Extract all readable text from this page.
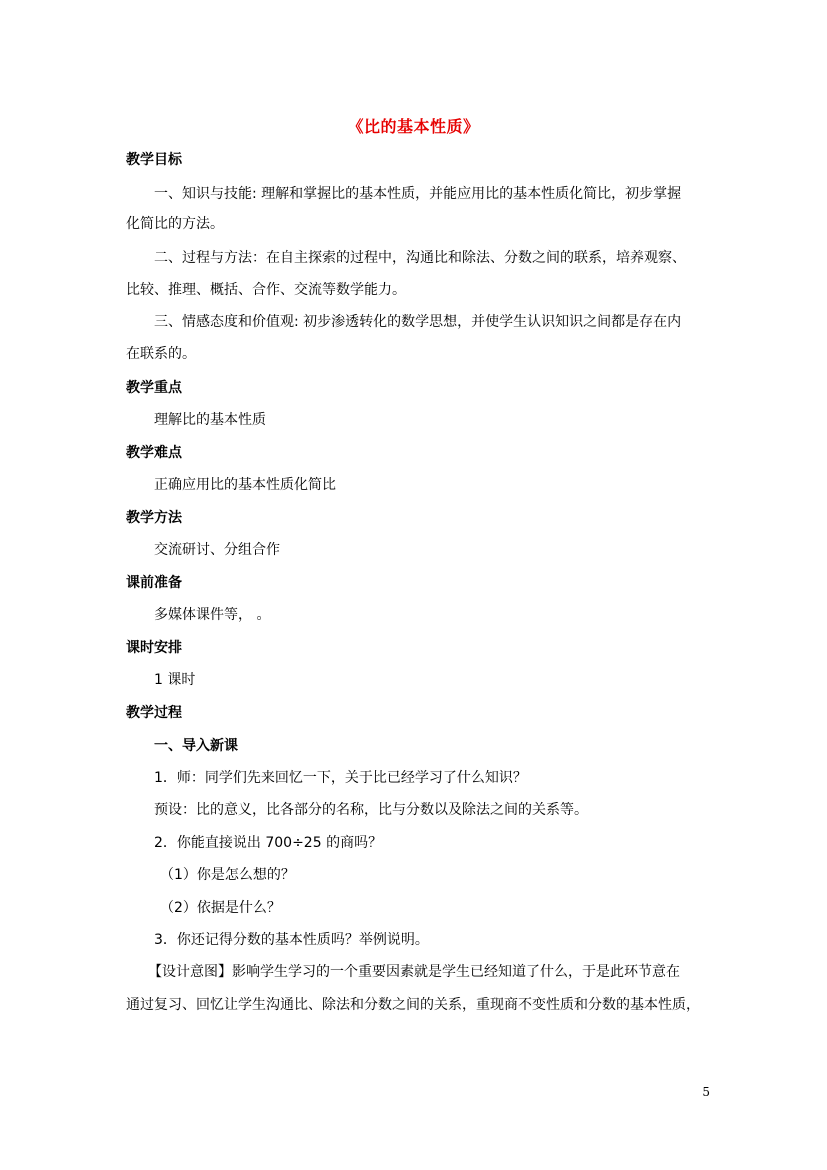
《比的基本性质》
教学目标
一、知识与技能: 理解和掌握比的基本性质，并能应用比的基本性质化简比，初步掌握
化简比的方法。
二、过程与方法：在自主探索的过程中，沟通比和除法、分数之间的联系，培养观察、
比较、推理、概括、合作、交流等数学能力。
三、情感态度和价值观: 初步渗透转化的数学思想，并使学生认识知识之间都是存在内
在联系的。
教学重点
理解比的基本性质
教学难点
正确应用比的基本性质化简比
教学方法
交流研讨、分组合作
课前准备
多媒体课件等， 。
课时安排
1 课时
教学过程
一、导入新课
1．师：同学们先来回忆一下，关于比已经学习了什么知识？
预设：比的意义，比各部分的名称，比与分数以及除法之间的关系等。
2．你能直接说出 700÷25 的商吗？
（1）你是怎么想的？
（2）依据是什么？
3．你还记得分数的基本性质吗？举例说明。
【设计意图】影响学生学习的一个重要因素就是学生已经知道了什么，于是此环节意在
通过复习、回忆让学生沟通比、除法和分数之间的关系，重现商不变性质和分数的基本性质，
5
